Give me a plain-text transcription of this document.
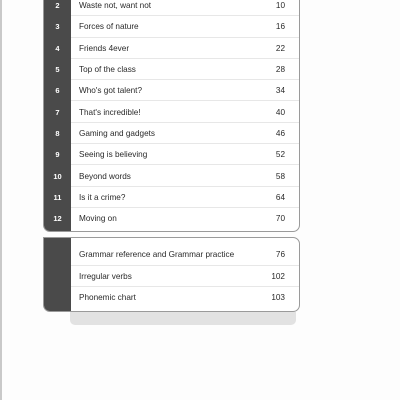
2	Waste not, want not	10
3	Forces of nature	16
4	Friends 4ever	22
5	Top of the class	28
6	Who's got talent?	34
7	That's incredible!	40
8	Gaming and gadgets	46
9	Seeing is believing	52
10	Beyond words	58
11	Is it a crime?	64
12	Moving on	70
Grammar reference and Grammar practice	76
Irregular verbs	102
Phonemic chart	103
